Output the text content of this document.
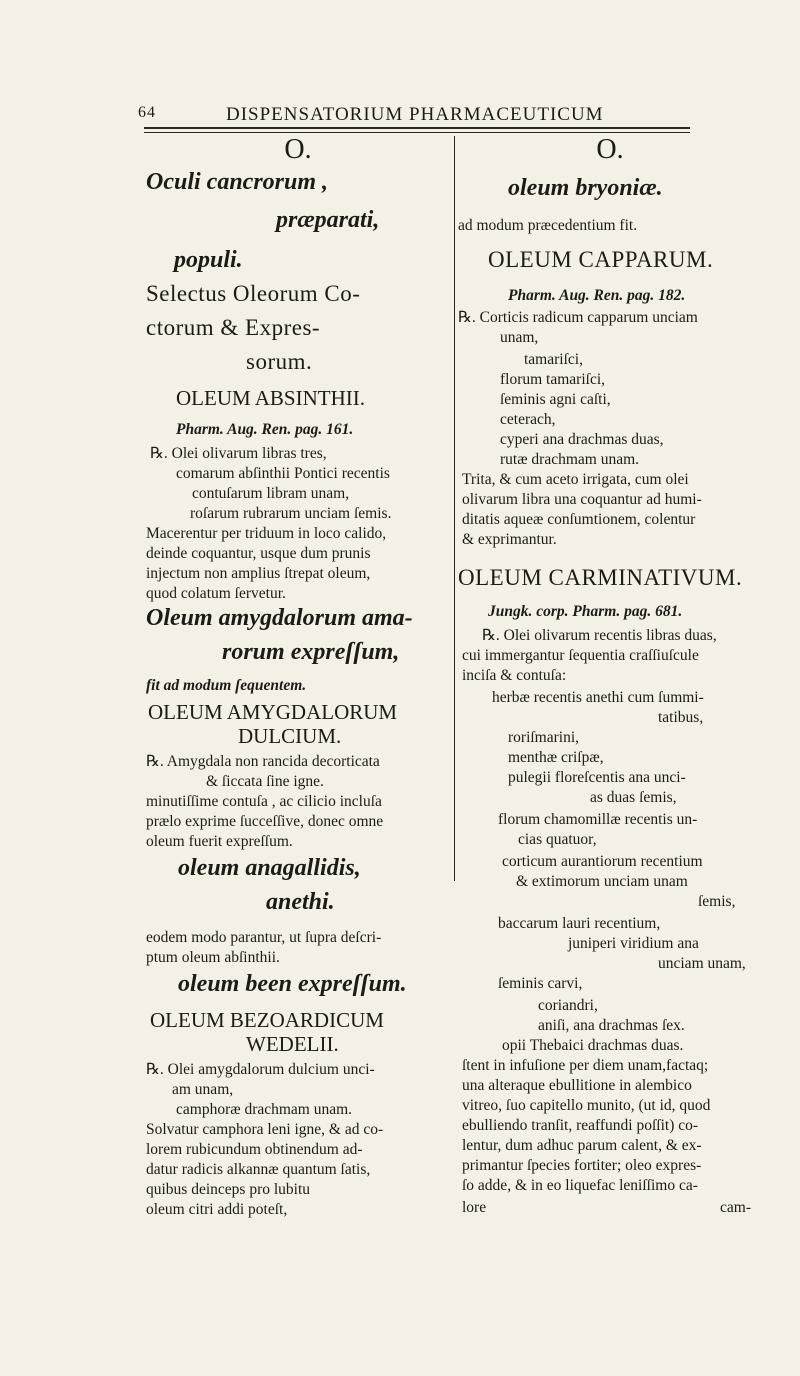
64	DISPENSATORIUM PHARMACEUTICUM
O.
Oculi cancrorum ,
præparati,
populi.
Selectus Oleorum Co-
ctorum & Expres-
sorum.
OLEUM ABSINTHII.
Pharm. Aug. Ren. pag. 161.
℞. Olei olivarum libras tres,
comarum abſinthii Pontici recentis
contuſarum libram unam,
roſarum rubrarum unciam ſemis.
Macerentur per triduum in loco calido,
deinde coquantur, usque dum prunis
injectum non amplius ſtrepat oleum,
quod colatum ſervetur.
Oleum amygdalorum ama-
rorum expreſſum,
fit ad modum ſequentem.
OLEUM AMYGDALORUM
DULCIUM.
℞. Amygdala non rancida decorticata
& ſiccata ſine igne.
minutiſſime contuſa , ac cilicio incluſa
prælo exprime ſucceſſive, donec omne
oleum fuerit expreſſum.
oleum anagallidis,
anethi.
eodem modo parantur, ut ſupra deſcri-
ptum oleum abſinthii.
oleum been expreſſum.
OLEUM BEZOARDICUM
WEDELII.
℞. Olei amygdalorum dulcium unci-
am unam,
camphoræ drachmam unam.
Solvatur camphora leni igne, & ad co-
lorem rubicundum obtinendum ad-
datur radicis alkannæ quantum ſatis,
quibus deinceps pro lubitu
oleum citri addi poteſt,
O.
oleum bryoniæ.
ad modum præcedentium fit.
OLEUM CAPPARUM.
Pharm. Aug. Ren. pag. 182.
℞. Corticis radicum capparum unciam
unam,
tamariſci,
florum tamariſci,
ſeminis agni caſti,
ceterach,
cyperi ana drachmas duas,
rutæ drachmam unam.
Trita, & cum aceto irrigata, cum olei
olivarum libra una coquantur ad humi-
ditatis aqueæ conſumtionem, colentur
& exprimantur.
OLEUM CARMINATIVUM.
Jungk. corp. Pharm. pag. 681.
℞. Olei olivarum recentis libras duas,
cui immergantur ſequentia craſſiuſcule
inciſa & contuſa:
herbæ recentis anethi cum ſummi-
tatibus,
roriſmarini,
menthæ criſpæ,
pulegii floreſcentis ana unci-
as duas ſemis,
florum chamomillæ recentis un-
cias quatuor,
corticum aurantiorum recentium
& extimorum unciam unam
ſemis,
baccarum lauri recentium,
juniperi viridium ana
unciam unam,
ſeminis carvi,
coriandri,
aniſi, ana drachmas ſex.
opii Thebaici drachmas duas.
ſtent in infuſione per diem unam,factaq;
una alteraque ebullitione in alembico
vitreo, ſuo capitello munito, (ut id, quod
ebulliendo tranſit, reaffundi poſſit) co-
lentur, dum adhuc parum calent, & ex-
primantur ſpecies fortiter; oleo expres-
ſo adde, & in eo liquefac leniſſimo ca-
lore	cam-
